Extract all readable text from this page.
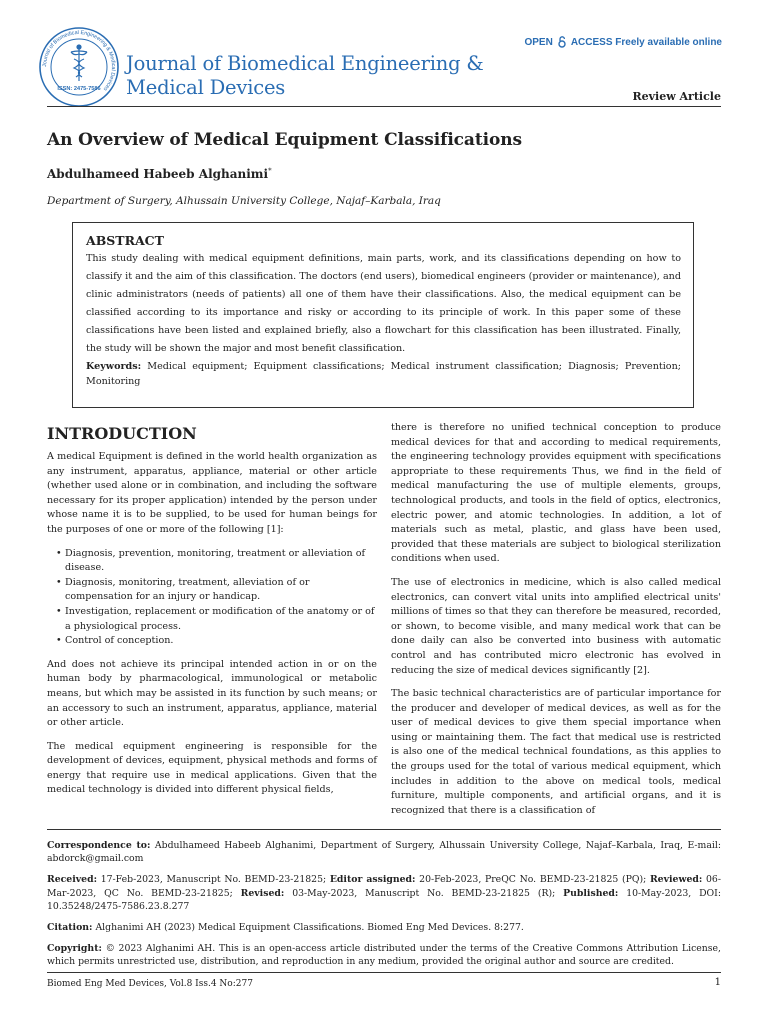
Journal of Biomedical Engineering & Medical Devices
ISSN: 2475-7586
Journal of Biomedical Engineering &
Medical Devices
OPEN ACCESS Freely available online
Review Article
An Overview of Medical Equipment Classifications
Abdulhameed Habeeb Alghanimi*
Department of Surgery, Alhussain University College, Najaf–Karbala, Iraq
ABSTRACT

This study dealing with medical equipment definitions, main parts, work, and its classifications depending on how to classify it and the aim of this classification. The doctors (end users), biomedical engineers (provider or maintenance), and clinic administrators (needs of patients) all one of them have their classifications. Also, the medical equipment can be classified according to its importance and risky or according to its principle of work. In this paper some of these classifications have been listed and explained briefly, also a flowchart for this classification has been illustrated. Finally, the study will be shown the major and most benefit classification.

Keywords: Medical equipment; Equipment classifications; Medical instrument classification; Diagnosis; Prevention; Monitoring
INTRODUCTION

A medical Equipment is defined in the world health organization as any instrument, apparatus, appliance, material or other article (whether used alone or in combination, and including the software necessary for its proper application) intended by the person under whose name it is to be supplied, to be used for human beings for the purposes of one or more of the following [1]:

• Diagnosis, prevention, monitoring, treatment or alleviation of disease.
• Diagnosis, monitoring, treatment, alleviation of or compensation for an injury or handicap.
• Investigation, replacement or modification of the anatomy or of a physiological process.
• Control of conception.

And does not achieve its principal intended action in or on the human body by pharmacological, immunological or metabolic means, but which may be assisted in its function by such means; or an accessory to such an instrument, apparatus, appliance, material or other article.

The medical equipment engineering is responsible for the development of devices, equipment, physical methods and forms of energy that require use in medical applications. Given that the medical technology is divided into different physical fields,

there is therefore no unified technical conception to produce medical devices for that and according to medical requirements, the engineering technology provides equipment with specifications appropriate to these requirements Thus, we find in the field of medical manufacturing the use of multiple elements, groups, technological products, and tools in the field of optics, electronics, electric power, and atomic technologies. In addition, a lot of materials such as metal, plastic, and glass have been used, provided that these materials are subject to biological sterilization conditions when used.

The use of electronics in medicine, which is also called medical electronics, can convert vital units into amplified electrical units' millions of times so that they can therefore be measured, recorded, or shown, to become visible, and many medical work that can be done daily can also be converted into business with automatic control and has contributed micro electronic has evolved in reducing the size of medical devices significantly [2].

The basic technical characteristics are of particular importance for the producer and developer of medical devices, as well as for the user of medical devices to give them special importance when using or maintaining them. The fact that medical use is restricted is also one of the medical technical foundations, as this applies to the groups used for the total of various medical equipment, which includes in addition to the above on medical tools, medical furniture, multiple components, and artificial organs, and it is recognized that there is a classification of

Correspondence to: Abdulhameed Habeeb Alghanimi, Department of Surgery, Alhussain University College, Najaf–Karbala, Iraq, E-mail: abdorck@gmail.com

Received: 17-Feb-2023, Manuscript No. BEMD-23-21825; Editor assigned: 20-Feb-2023, PreQC No. BEMD-23-21825 (PQ); Reviewed: 06-Mar-2023, QC No. BEMD-23-21825; Revised: 03-May-2023, Manuscript No. BEMD-23-21825 (R); Published: 10-May-2023, DOI: 10.35248/2475-7586.23.8.277

Citation: Alghanimi AH (2023) Medical Equipment Classifications. Biomed Eng Med Devices. 8:277.

Copyright: © 2023 Alghanimi AH. This is an open-access article distributed under the terms of the Creative Commons Attribution License, which permits unrestricted use, distribution, and reproduction in any medium, provided the original author and source are credited.

Biomed Eng Med Devices, Vol.8 Iss.4 No:277	1
